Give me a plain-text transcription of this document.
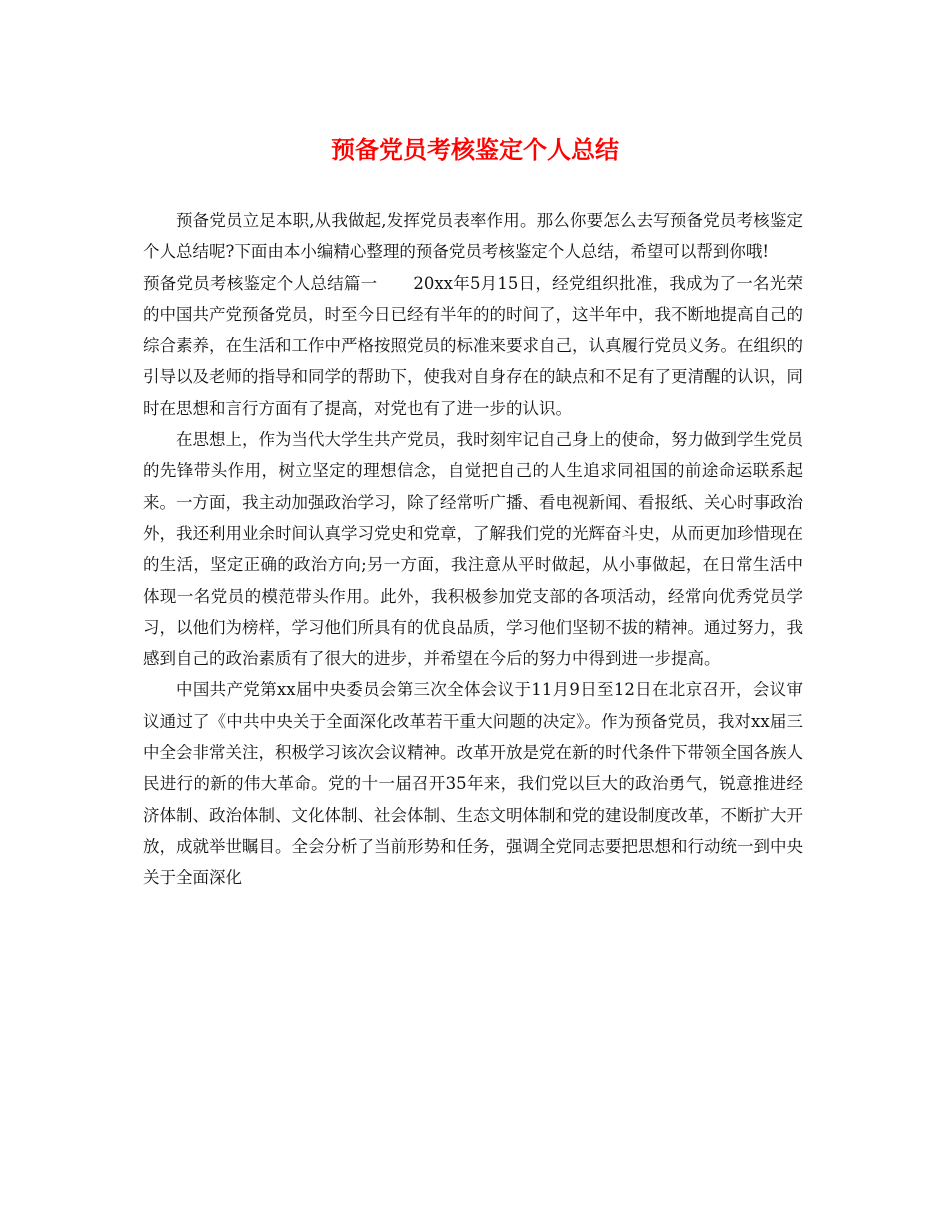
预备党员考核鉴定个人总结

预备党员立足本职,从我做起,发挥党员表率作用。那么你要怎么去写预备党员考核鉴定个人总结呢?下面由本小编精心整理的预备党员考核鉴定个人总结，希望可以帮到你哦!

预备党员考核鉴定个人总结篇一 20xx年5月15日，经党组织批准，我成为了一名光荣的中国共产党预备党员，时至今日已经有半年的的时间了，这半年中，我不断地提高自己的综合素养，在生活和工作中严格按照党员的标准来要求自己，认真履行党员义务。在组织的引导以及老师的指导和同学的帮助下，使我对自身存在的缺点和不足有了更清醒的认识，同时在思想和言行方面有了提高，对党也有了进一步的认识。

在思想上，作为当代大学生共产党员，我时刻牢记自己身上的使命，努力做到学生党员的先锋带头作用，树立坚定的理想信念，自觉把自己的人生追求同祖国的前途命运联系起来。一方面，我主动加强政治学习，除了经常听广播、看电视新闻、看报纸、关心时事政治外，我还利用业余时间认真学习党史和党章，了解我们党的光辉奋斗史，从而更加珍惜现在的生活，坚定正确的政治方向;另一方面，我注意从平时做起，从小事做起，在日常生活中体现一名党员的模范带头作用。此外，我积极参加党支部的各项活动，经常向优秀党员学习，以他们为榜样，学习他们所具有的优良品质，学习他们坚韧不拔的精神。通过努力，我感到自己的政治素质有了很大的进步，并希望在今后的努力中得到进一步提高。

中国共产党第xx届中央委员会第三次全体会议于11月9日至12日在北京召开，会议审议通过了《中共中央关于全面深化改革若干重大问题的决定》。作为预备党员，我对xx届三中全会非常关注，积极学习该次会议精神。改革开放是党在新的时代条件下带领全国各族人民进行的新的伟大革命。党的十一届召开35年来，我们党以巨大的政治勇气，锐意推进经济体制、政治体制、文化体制、社会体制、生态文明体制和党的建设制度改革，不断扩大开放，成就举世瞩目。全会分析了当前形势和任务，强调全党同志要把思想和行动统一到中央关于全面深化
